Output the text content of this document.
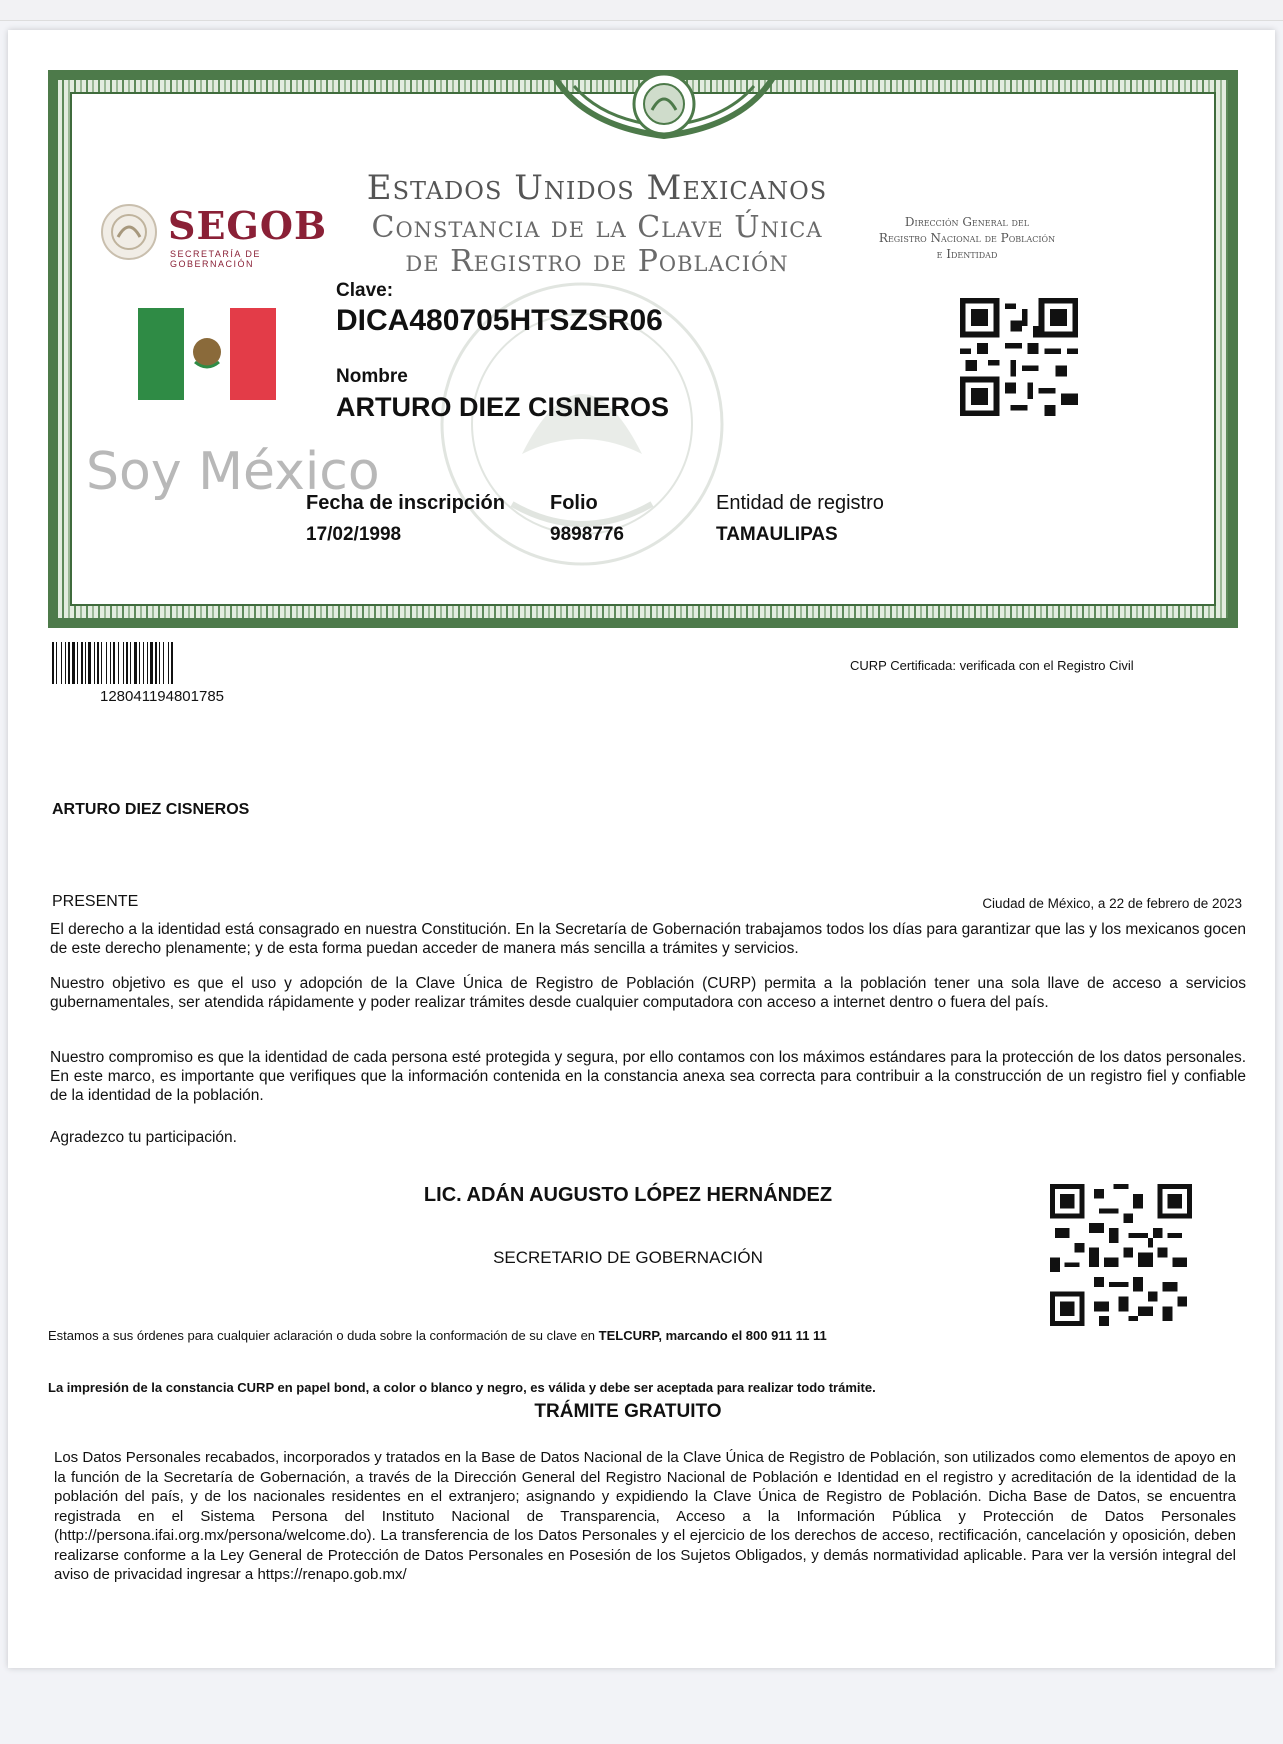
Estados Unidos Mexicanos
Constancia de la Clave Única
de Registro de Población
SEGOB
SECRETARÍA DE GOBERNACIÓN
Dirección General del
Registro Nacional de Población
e Identidad
Soy México
Clave:
DICA480705HTSZSR06
Nombre
ARTURO DIEZ CISNEROS
Fecha de inscripción
17/02/1998
Folio
9898776
Entidad de registro
TAMAULIPAS
128041194801785
CURP Certificada: verificada con el Registro Civil
ARTURO DIEZ CISNEROS
PRESENTE	Ciudad de México, a 22 de febrero de 2023
El derecho a la identidad está consagrado en nuestra Constitución. En la Secretaría de Gobernación trabajamos todos los días para garantizar que las y los mexicanos gocen de este derecho plenamente; y de esta forma puedan acceder de manera más sencilla a trámites y servicios.
Nuestro objetivo es que el uso y adopción de la Clave Única de Registro de Población (CURP) permita a la población tener una sola llave de acceso a servicios gubernamentales, ser atendida rápidamente y poder realizar trámites desde cualquier computadora con acceso a internet dentro o fuera del país.
Nuestro compromiso es que la identidad de cada persona esté protegida y segura, por ello contamos con los máximos estándares para la protección de los datos personales. En este marco, es importante que verifiques que la información contenida en la constancia anexa sea correcta para contribuir a la construcción de un registro fiel y confiable de la identidad de la población.
Agradezco tu participación.
LIC. ADÁN AUGUSTO LÓPEZ HERNÁNDEZ
SECRETARIO DE GOBERNACIÓN
Estamos a sus órdenes para cualquier aclaración o duda sobre la conformación de su clave en TELCURP, marcando el 800 911 11 11
La impresión de la constancia CURP en papel bond, a color o blanco y negro, es válida y debe ser aceptada para realizar todo trámite.
TRÁMITE GRATUITO
Los Datos Personales recabados, incorporados y tratados en la Base de Datos Nacional de la Clave Única de Registro de Población, son utilizados como elementos de apoyo en la función de la Secretaría de Gobernación, a través de la Dirección General del Registro Nacional de Población e Identidad en el registro y acreditación de la identidad de la población del país, y de los nacionales residentes en el extranjero; asignando y expidiendo la Clave Única de Registro de Población. Dicha Base de Datos, se encuentra registrada en el Sistema Persona del Instituto Nacional de Transparencia, Acceso a la Información Pública y Protección de Datos Personales (http://persona.ifai.org.mx/persona/welcome.do). La transferencia de los Datos Personales y el ejercicio de los derechos de acceso, rectificación, cancelación y oposición, deben realizarse conforme a la Ley General de Protección de Datos Personales en Posesión de los Sujetos Obligados, y demás normatividad aplicable. Para ver la versión integral del aviso de privacidad ingresar a https://renapo.gob.mx/
